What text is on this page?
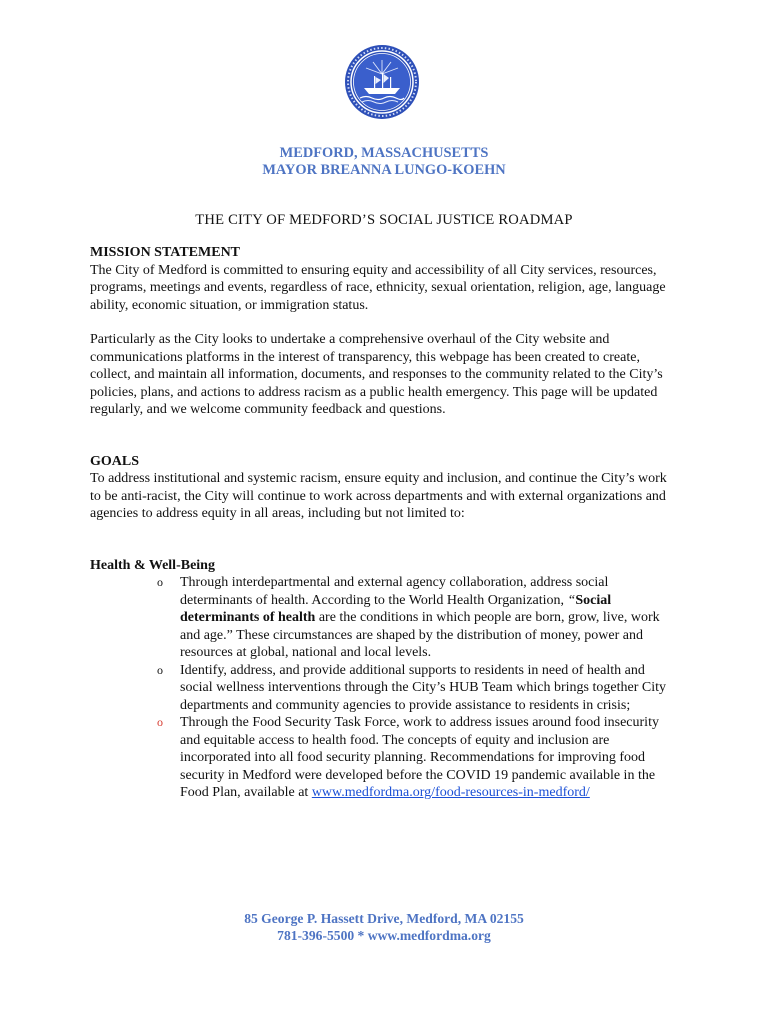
MEDFORD, MASSACHUSETTS
MAYOR BREANNA LUNGO-KOEHN
THE CITY OF MEDFORD’S SOCIAL JUSTICE ROADMAP
MISSION STATEMENT

The City of Medford is committed to ensuring equity and accessibility of all City services, resources, programs, meetings and events, regardless of race, ethnicity, sexual orientation, religion, age, language ability, economic situation, or immigration status.

Particularly as the City looks to undertake a comprehensive overhaul of the City website and communications platforms in the interest of transparency, this webpage has been created to create, collect, and maintain all information, documents, and responses to the community related to the City’s policies, plans, and actions to address racism as a public health emergency. This page will be updated regularly, and we welcome community feedback and questions.

GOALS

To address institutional and systemic racism, ensure equity and inclusion, and continue the City’s work to be anti-racist, the City will continue to work across departments and with external organizations and agencies to address equity in all areas, including but not limited to:

Health & Well-Being
o Through interdepartmental and external agency collaboration, address social determinants of health. According to the World Health Organization, “Social determinants of health are the conditions in which people are born, grow, live, work and age.” These circumstances are shaped by the distribution of money, power and resources at global, national and local levels.
o Identify, address, and provide additional supports to residents in need of health and social wellness interventions through the City’s HUB Team which brings together City departments and community agencies to provide assistance to residents in crisis;
o Through the Food Security Task Force, work to address issues around food insecurity and equitable access to health food. The concepts of equity and inclusion are incorporated into all food security planning. Recommendations for improving food security in Medford were developed before the COVID 19 pandemic available in the Food Plan, available at www.medfordma.org/food-resources-in-medford/
85 George P. Hassett Drive, Medford, MA 02155
781-396-5500 * www.medfordma.org
